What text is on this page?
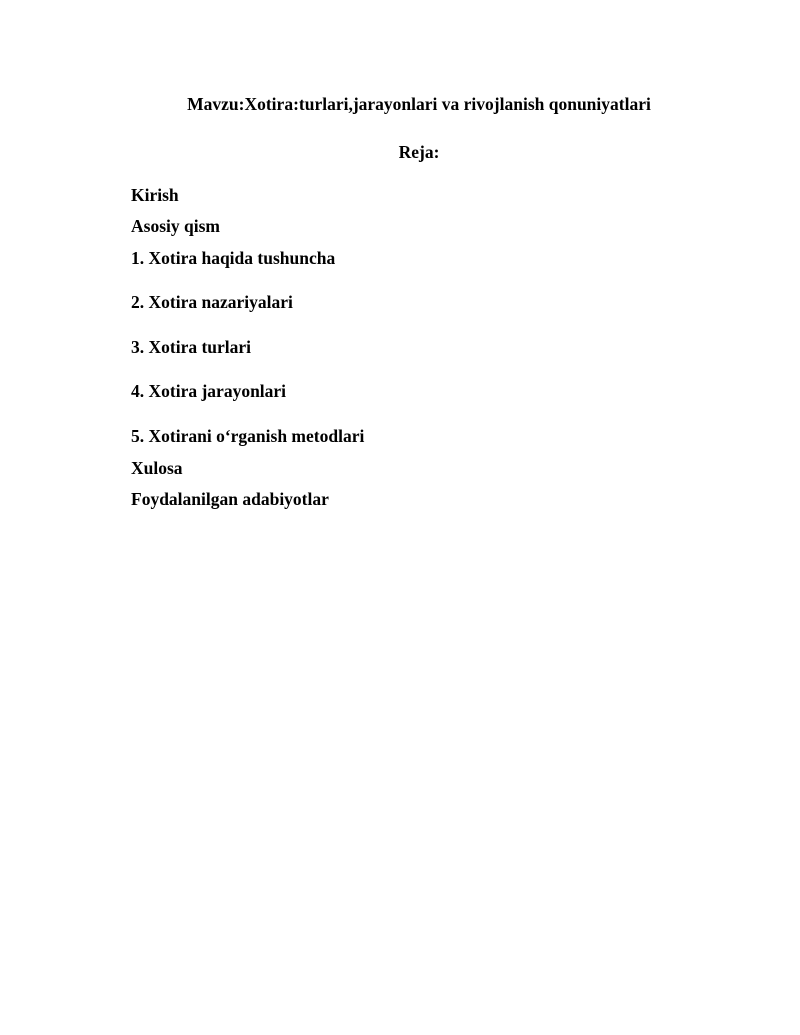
Mavzu:Xotira:turlari,jarayonlari va rivojlanish qonuniyatlari
Reja:
Kirish
Asosiy qism
1. Xotira haqida tushuncha
2. Xotira nazariyalari
3. Xotira turlari
4. Xotira jarayonlari
5. Xotirani o‘rganish metodlari
Xulosa
Foydalanilgan adabiyotlar
